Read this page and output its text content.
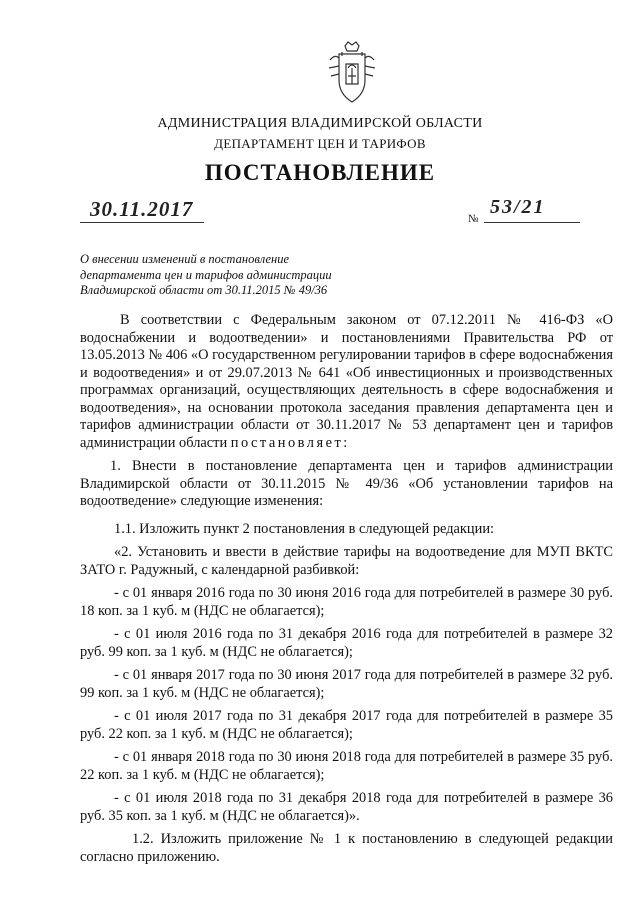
АДМИНИСТРАЦИЯ ВЛАДИМИРСКОЙ ОБЛАСТИ
ДЕПАРТАМЕНТ ЦЕН И ТАРИФОВ
ПОСТАНОВЛЕНИЕ
30.11.2017	№
53/21
О внесении изменений в постановление
департамента цен и тарифов администрации
Владимирской области от 30.11.2015 № 49/36

В соответствии с Федеральным законом от 07.12.2011 № 416-ФЗ «О водоснабжении и водоотведении» и постановлениями Правительства РФ от 13.05.2013 № 406 «О государственном регулировании тарифов в сфере водоснабжения и водоотведения» и от 29.07.2013 № 641 «Об инвестиционных и производственных программах организаций, осуществляющих деятельность в сфере водоснабжения и водоотведения», на основании протокола заседания правления департамента цен и тарифов администрации области от 30.11.2017 № 53 департамент цен и тарифов администрации области постановляет:

1. Внести в постановление департамента цен и тарифов администрации Владимирской области от 30.11.2015 № 49/36 «Об установлении тарифов на водоотведение» следующие изменения:

1.1. Изложить пункт 2 постановления в следующей редакции:

«2. Установить и ввести в действие тарифы на водоотведение для МУП ВКТС ЗАТО г. Радужный, с календарной разбивкой:

- с 01 января 2016 года по 30 июня 2016 года для потребителей в размере 30 руб. 18 коп. за 1 куб. м (НДС не облагается);

- с 01 июля 2016 года по 31 декабря 2016 года для потребителей в размере 32 руб. 99 коп. за 1 куб. м (НДС не облагается);

- с 01 января 2017 года по 30 июня 2017 года для потребителей в размере 32 руб. 99 коп. за 1 куб. м (НДС не облагается);

- с 01 июля 2017 года по 31 декабря 2017 года для потребителей в размере 35 руб. 22 коп. за 1 куб. м (НДС не облагается);

- с 01 января 2018 года по 30 июня 2018 года для потребителей в размере 35 руб. 22 коп. за 1 куб. м (НДС не облагается);

- с 01 июля 2018 года по 31 декабря 2018 года для потребителей в размере 36 руб. 35 коп. за 1 куб. м (НДС не облагается)».

1.2. Изложить приложение № 1 к постановлению в следующей редакции согласно приложению.
